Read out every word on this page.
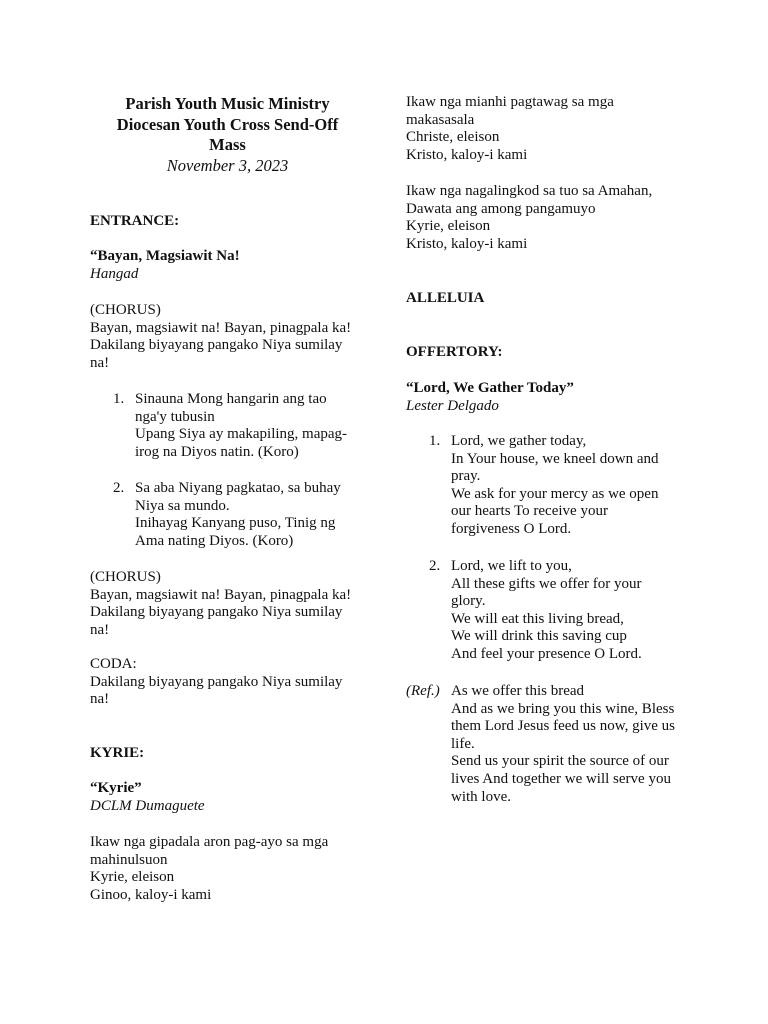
Parish Youth Music Ministry
Diocesan Youth Cross Send-Off
Mass
November 3, 2023
ENTRANCE:
“Bayan, Magsiawit Na!
Hangad
(CHORUS)
Bayan, magsiawit na! Bayan, pinagpala ka!
Dakilang biyayang pangako Niya sumilay
na!
1. Sinauna Mong hangarin ang tao
nga'y tubusin
Upang Siya ay makapiling, mapag-
irog na Diyos natin. (Koro)
2. Sa aba Niyang pagkatao, sa buhay
Niya sa mundo.
Inihayag Kanyang puso, Tinig ng
Ama nating Diyos. (Koro)
(CHORUS)
Bayan, magsiawit na! Bayan, pinagpala ka!
Dakilang biyayang pangako Niya sumilay
na!
CODA:
Dakilang biyayang pangako Niya sumilay
na!
KYRIE:
“Kyrie”
DCLM Dumaguete
Ikaw nga gipadala aron pag-ayo sa mga
mahinulsuon
Kyrie, eleison
Ginoo, kaloy-i kami
Ikaw nga mianhi pagtawag sa mga
makasasala
Christe, eleison
Kristo, kaloy-i kami
Ikaw nga nagalingkod sa tuo sa Amahan,
Dawata ang among pangamuyo
Kyrie, eleison
Kristo, kaloy-i kami
ALLELUIA
OFFERTORY:
“Lord, We Gather Today”
Lester Delgado
1. Lord, we gather today,
In Your house, we kneel down and
pray.
We ask for your mercy as we open
our hearts To receive your
forgiveness O Lord.
2. Lord, we lift to you,
All these gifts we offer for your
glory.
We will eat this living bread,
We will drink this saving cup
And feel your presence O Lord.
(Ref.) As we offer this bread
And as we bring you this wine, Bless
them Lord Jesus feed us now, give us
life.
Send us your spirit the source of our
lives And together we will serve you
with love.
